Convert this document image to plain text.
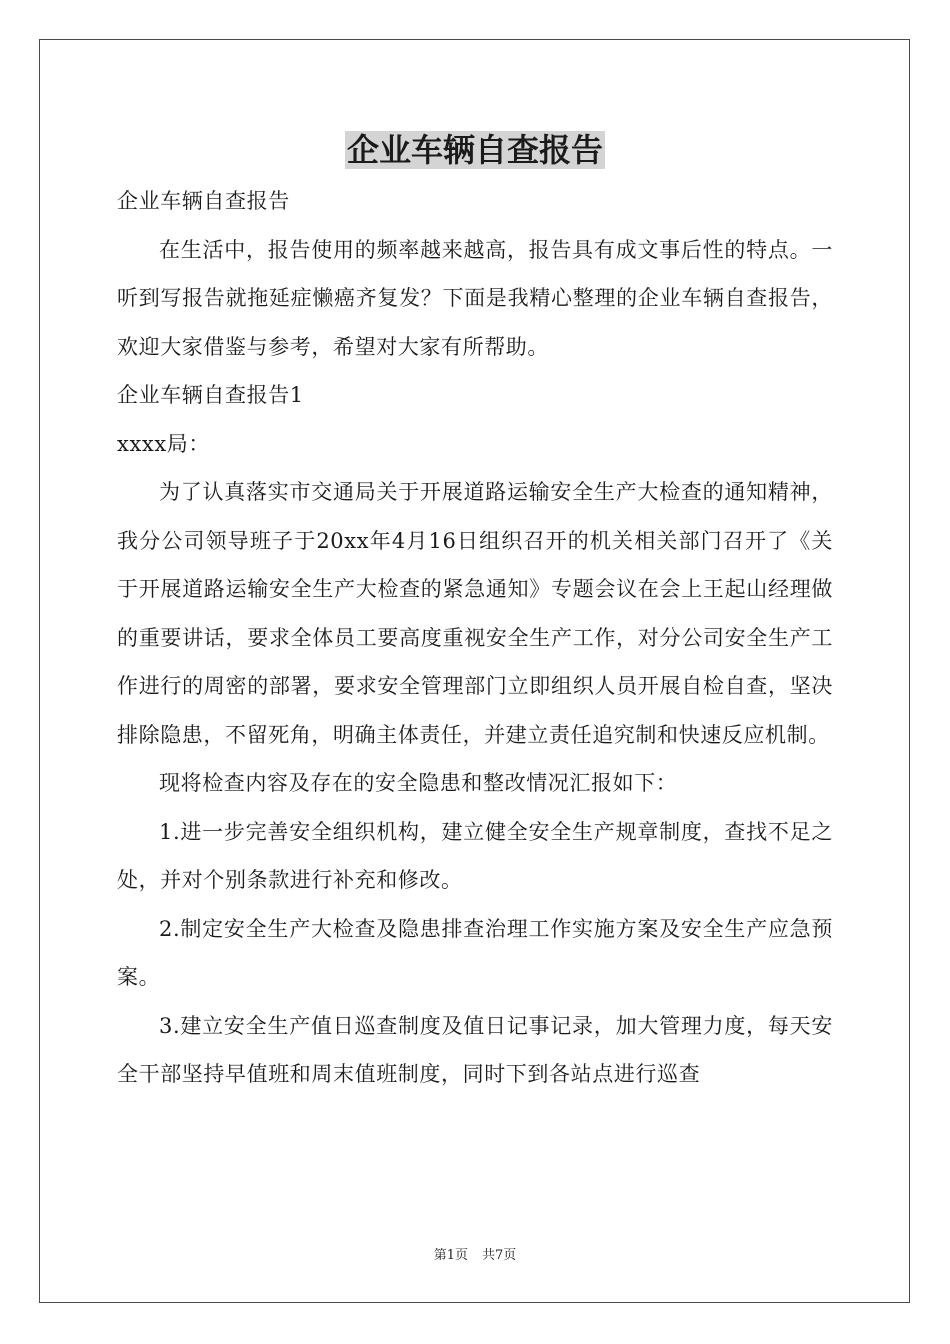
企业车辆自查报告

企业车辆自查报告

在生活中，报告使用的频率越来越高，报告具有成文事后性的特点。一听到写报告就拖延症懒癌齐复发？下面是我精心整理的企业车辆自查报告，欢迎大家借鉴与参考，希望对大家有所帮助。

企业车辆自查报告1

xxxx局：

为了认真落实市交通局关于开展道路运输安全生产大检查的通知精神，我分公司领导班子于20xx年4月16日组织召开的机关相关部门召开了《关于开展道路运输安全生产大检查的紧急通知》专题会议在会上王起山经理做的重要讲话，要求全体员工要高度重视安全生产工作，对分公司安全生产工作进行的周密的部署，要求安全管理部门立即组织人员开展自检自查，坚决排除隐患，不留死角，明确主体责任，并建立责任追究制和快速反应机制。

现将检查内容及存在的安全隐患和整改情况汇报如下：

1.进一步完善安全组织机构，建立健全安全生产规章制度，查找不足之处，并对个别条款进行补充和修改。

2.制定安全生产大检查及隐患排查治理工作实施方案及安全生产应急预案。

3.建立安全生产值日巡查制度及值日记事记录，加大管理力度，每天安全干部坚持早值班和周末值班制度，同时下到各站点进行巡查

第1页 共7页
